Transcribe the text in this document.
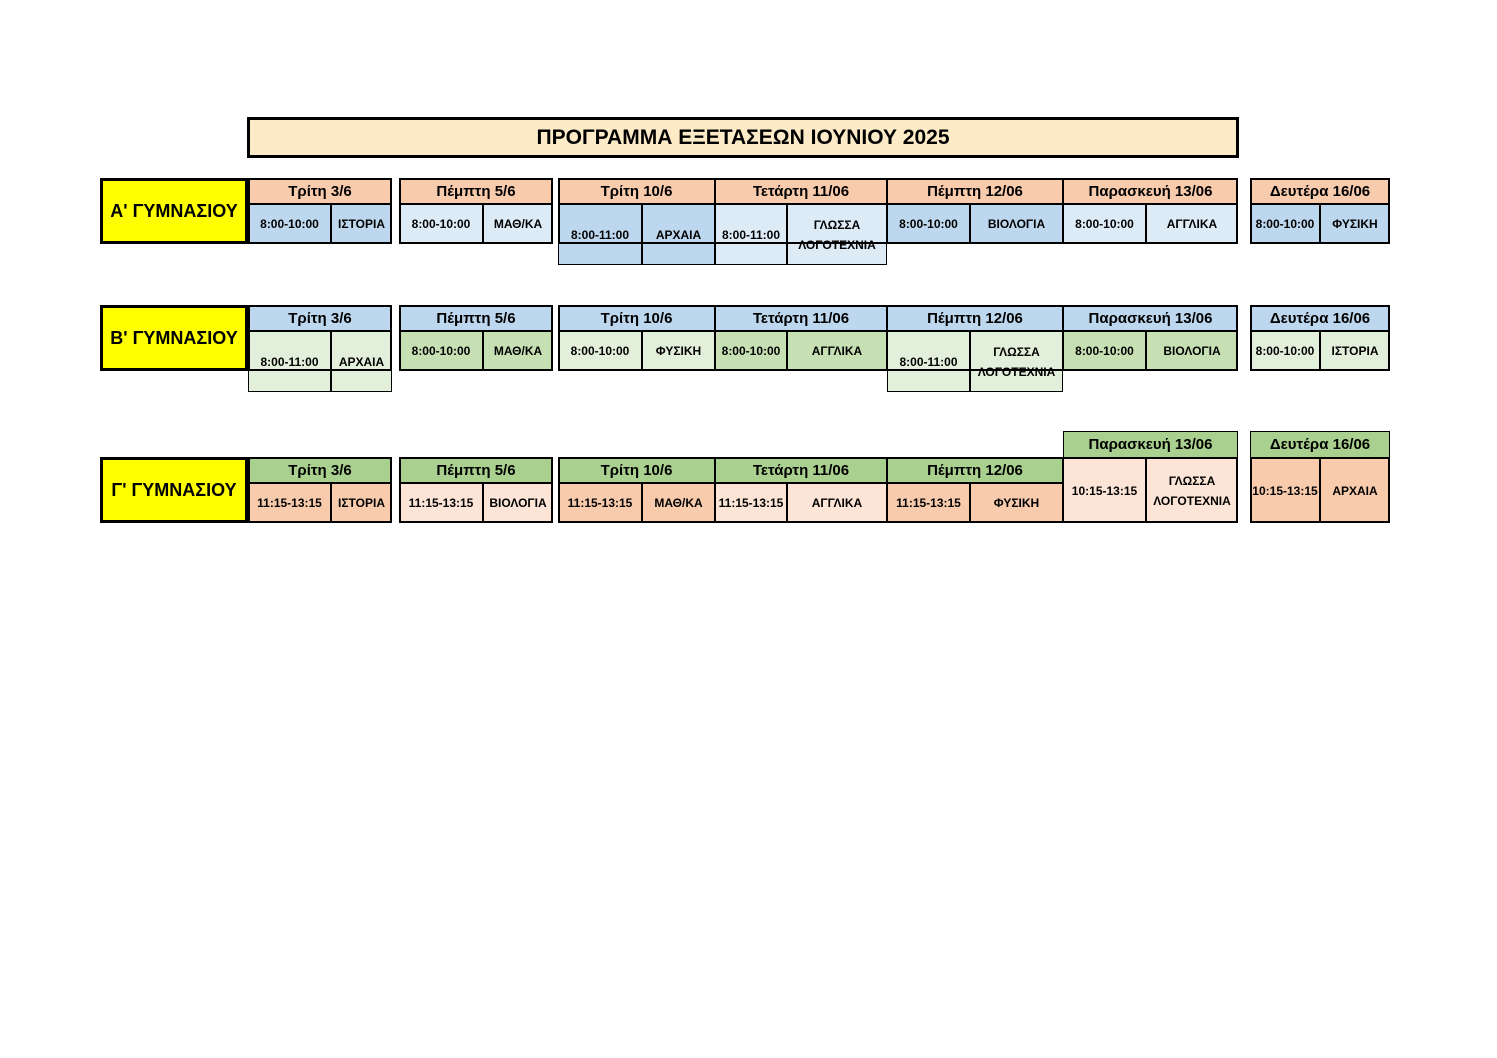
ΠΡΟΓΡΑΜΜΑ ΕΞΕΤΑΣΕΩΝ ΙΟΥΝΙΟΥ 2025
Α' ΓΥΜΝΑΣΙΟΥ
Τρίτη 3/6
8:00-10:00	ΙΣΤΟΡΙΑ
Πέμπτη 5/6
8:00-10:00	ΜΑΘ/ΚΑ
Τρίτη 10/6
8:00-11:00	ΑΡΧΑΙΑ
Τετάρτη 11/06
8:00-11:00
ΓΛΩΣΣΑ ΛΟΓΟΤΕΧΝΙΑ
Πέμπτη 12/06
8:00-10:00	ΒΙΟΛΟΓΙΑ
Παρασκευή 13/06
8:00-10:00	ΑΓΓΛΙΚΑ
Δευτέρα 16/06
8:00-10:00	ΦΥΣΙΚΗ
Β' ΓΥΜΝΑΣΙΟΥ
Τρίτη 3/6
8:00-11:00	ΑΡΧΑΙΑ
Πέμπτη 5/6
8:00-10:00	ΜΑΘ/ΚΑ
Τρίτη 10/6
8:00-10:00	ΦΥΣΙΚΗ
Τετάρτη 11/06
8:00-10:00	ΑΓΓΛΙΚΑ
Πέμπτη 12/06
8:00-11:00
ΓΛΩΣΣΑ ΛΟΓΟΤΕΧΝΙΑ
Παρασκευή 13/06
8:00-10:00	ΒΙΟΛΟΓΙΑ
Δευτέρα 16/06
8:00-10:00	ΙΣΤΟΡΙΑ
Γ' ΓΥΜΝΑΣΙΟΥ
Τρίτη 3/6
11:15-13:15	ΙΣΤΟΡΙΑ
Πέμπτη 5/6
11:15-13:15	ΒΙΟΛΟΓΙΑ
Τρίτη 10/6
11:15-13:15	ΜΑΘ/ΚΑ
Τετάρτη 11/06
11:15-13:15	ΑΓΓΛΙΚΑ
Πέμπτη 12/06
11:15-13:15	ΦΥΣΙΚΗ
Παρασκευή 13/06
10:15-13:15
ΓΛΩΣΣΑ ΛΟΓΟΤΕΧΝΙΑ
Δευτέρα 16/06
10:15-13:15	ΑΡΧΑΙΑ
